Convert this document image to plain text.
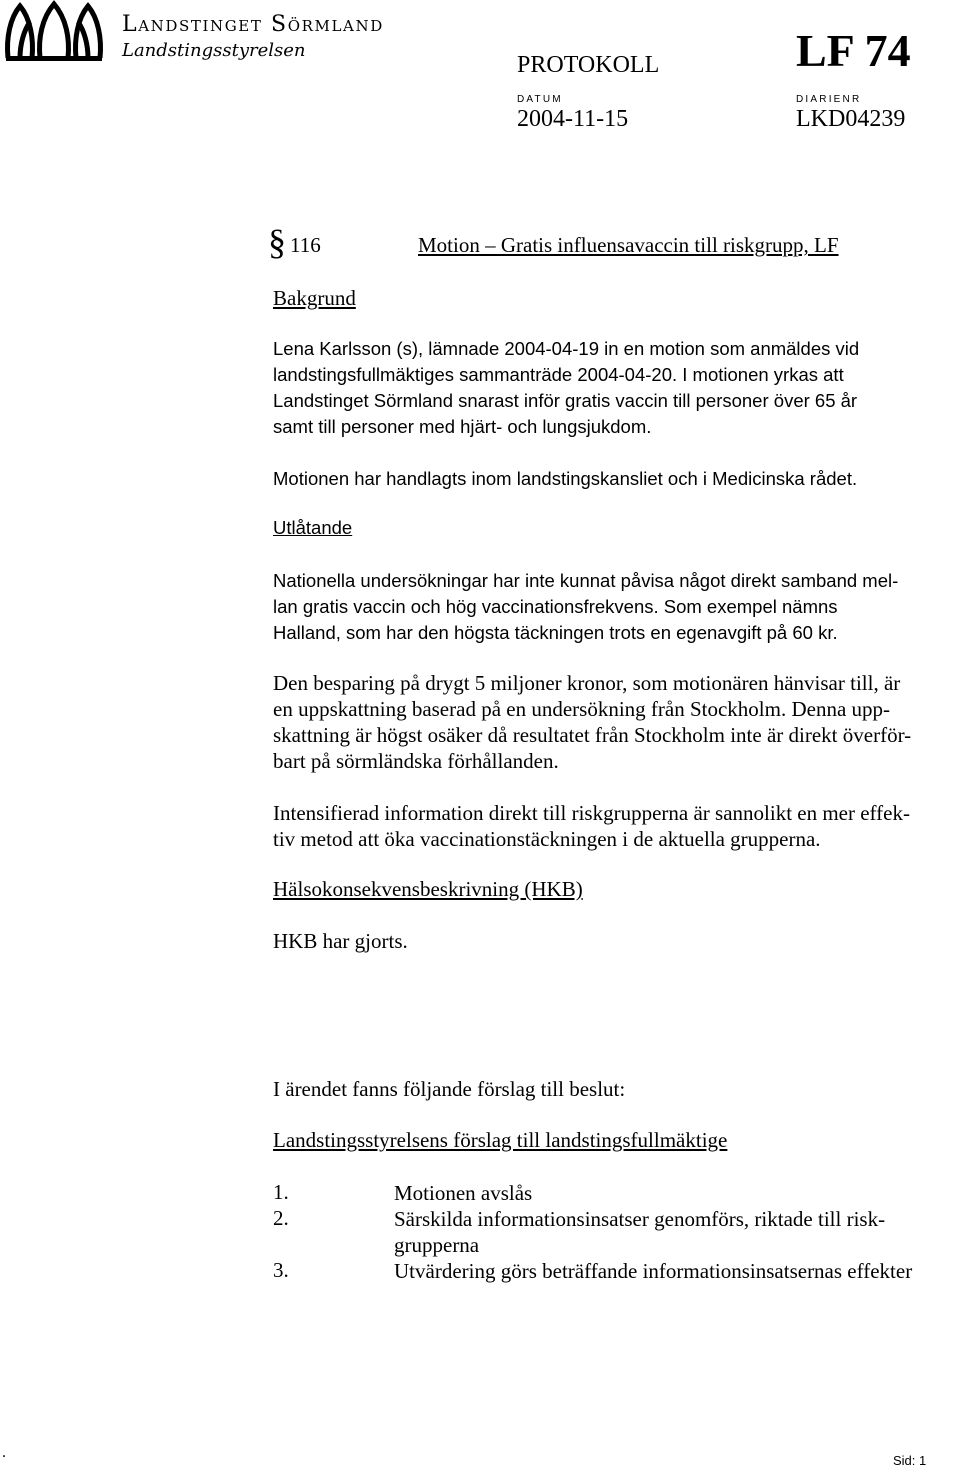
Landstinget Sörmland
Landstingsstyrelsen
PROTOKOLL	LF 74
DATUM	DIARIENR
2004-11-15	LKD04239
§ 116	Motion – Gratis influensavaccin till riskgrupp, LF
Bakgrund
Lena Karlsson (s), lämnade 2004-04-19 in en motion som anmäldes vid
landstingsfullmäktiges sammanträde 2004-04-20. I motionen yrkas att
Landstinget Sörmland snarast inför gratis vaccin till personer över 65 år
samt till personer med hjärt- och lungsjukdom.
Motionen har handlagts inom landstingskansliet och i Medicinska rådet.
Utlåtande
Nationella undersökningar har inte kunnat påvisa något direkt samband mel-
lan gratis vaccin och hög vaccinationsfrekvens. Som exempel nämns
Halland, som har den högsta täckningen trots en egenavgift på 60 kr.
Den besparing på drygt 5 miljoner kronor, som motionären hänvisar till, är
en uppskattning baserad på en undersökning från Stockholm. Denna upp-
skattning är högst osäker då resultatet från Stockholm inte är direkt överför-
bart på sörmländska förhållanden.
Intensifierad information direkt till riskgrupperna är sannolikt en mer effek-
tiv metod att öka vaccinationstäckningen i de aktuella grupperna.
Hälsokonsekvensbeskrivning (HKB)
HKB har gjorts.
I ärendet fanns följande förslag till beslut:
Landstingsstyrelsens förslag till landstingsfullmäktige
1.	Motionen avslås
2.	Särskilda informationsinsatser genomförs, riktade till risk-
grupperna
3.	Utvärdering görs beträffande informationsinsatsernas effekter
.	Sid: 1
